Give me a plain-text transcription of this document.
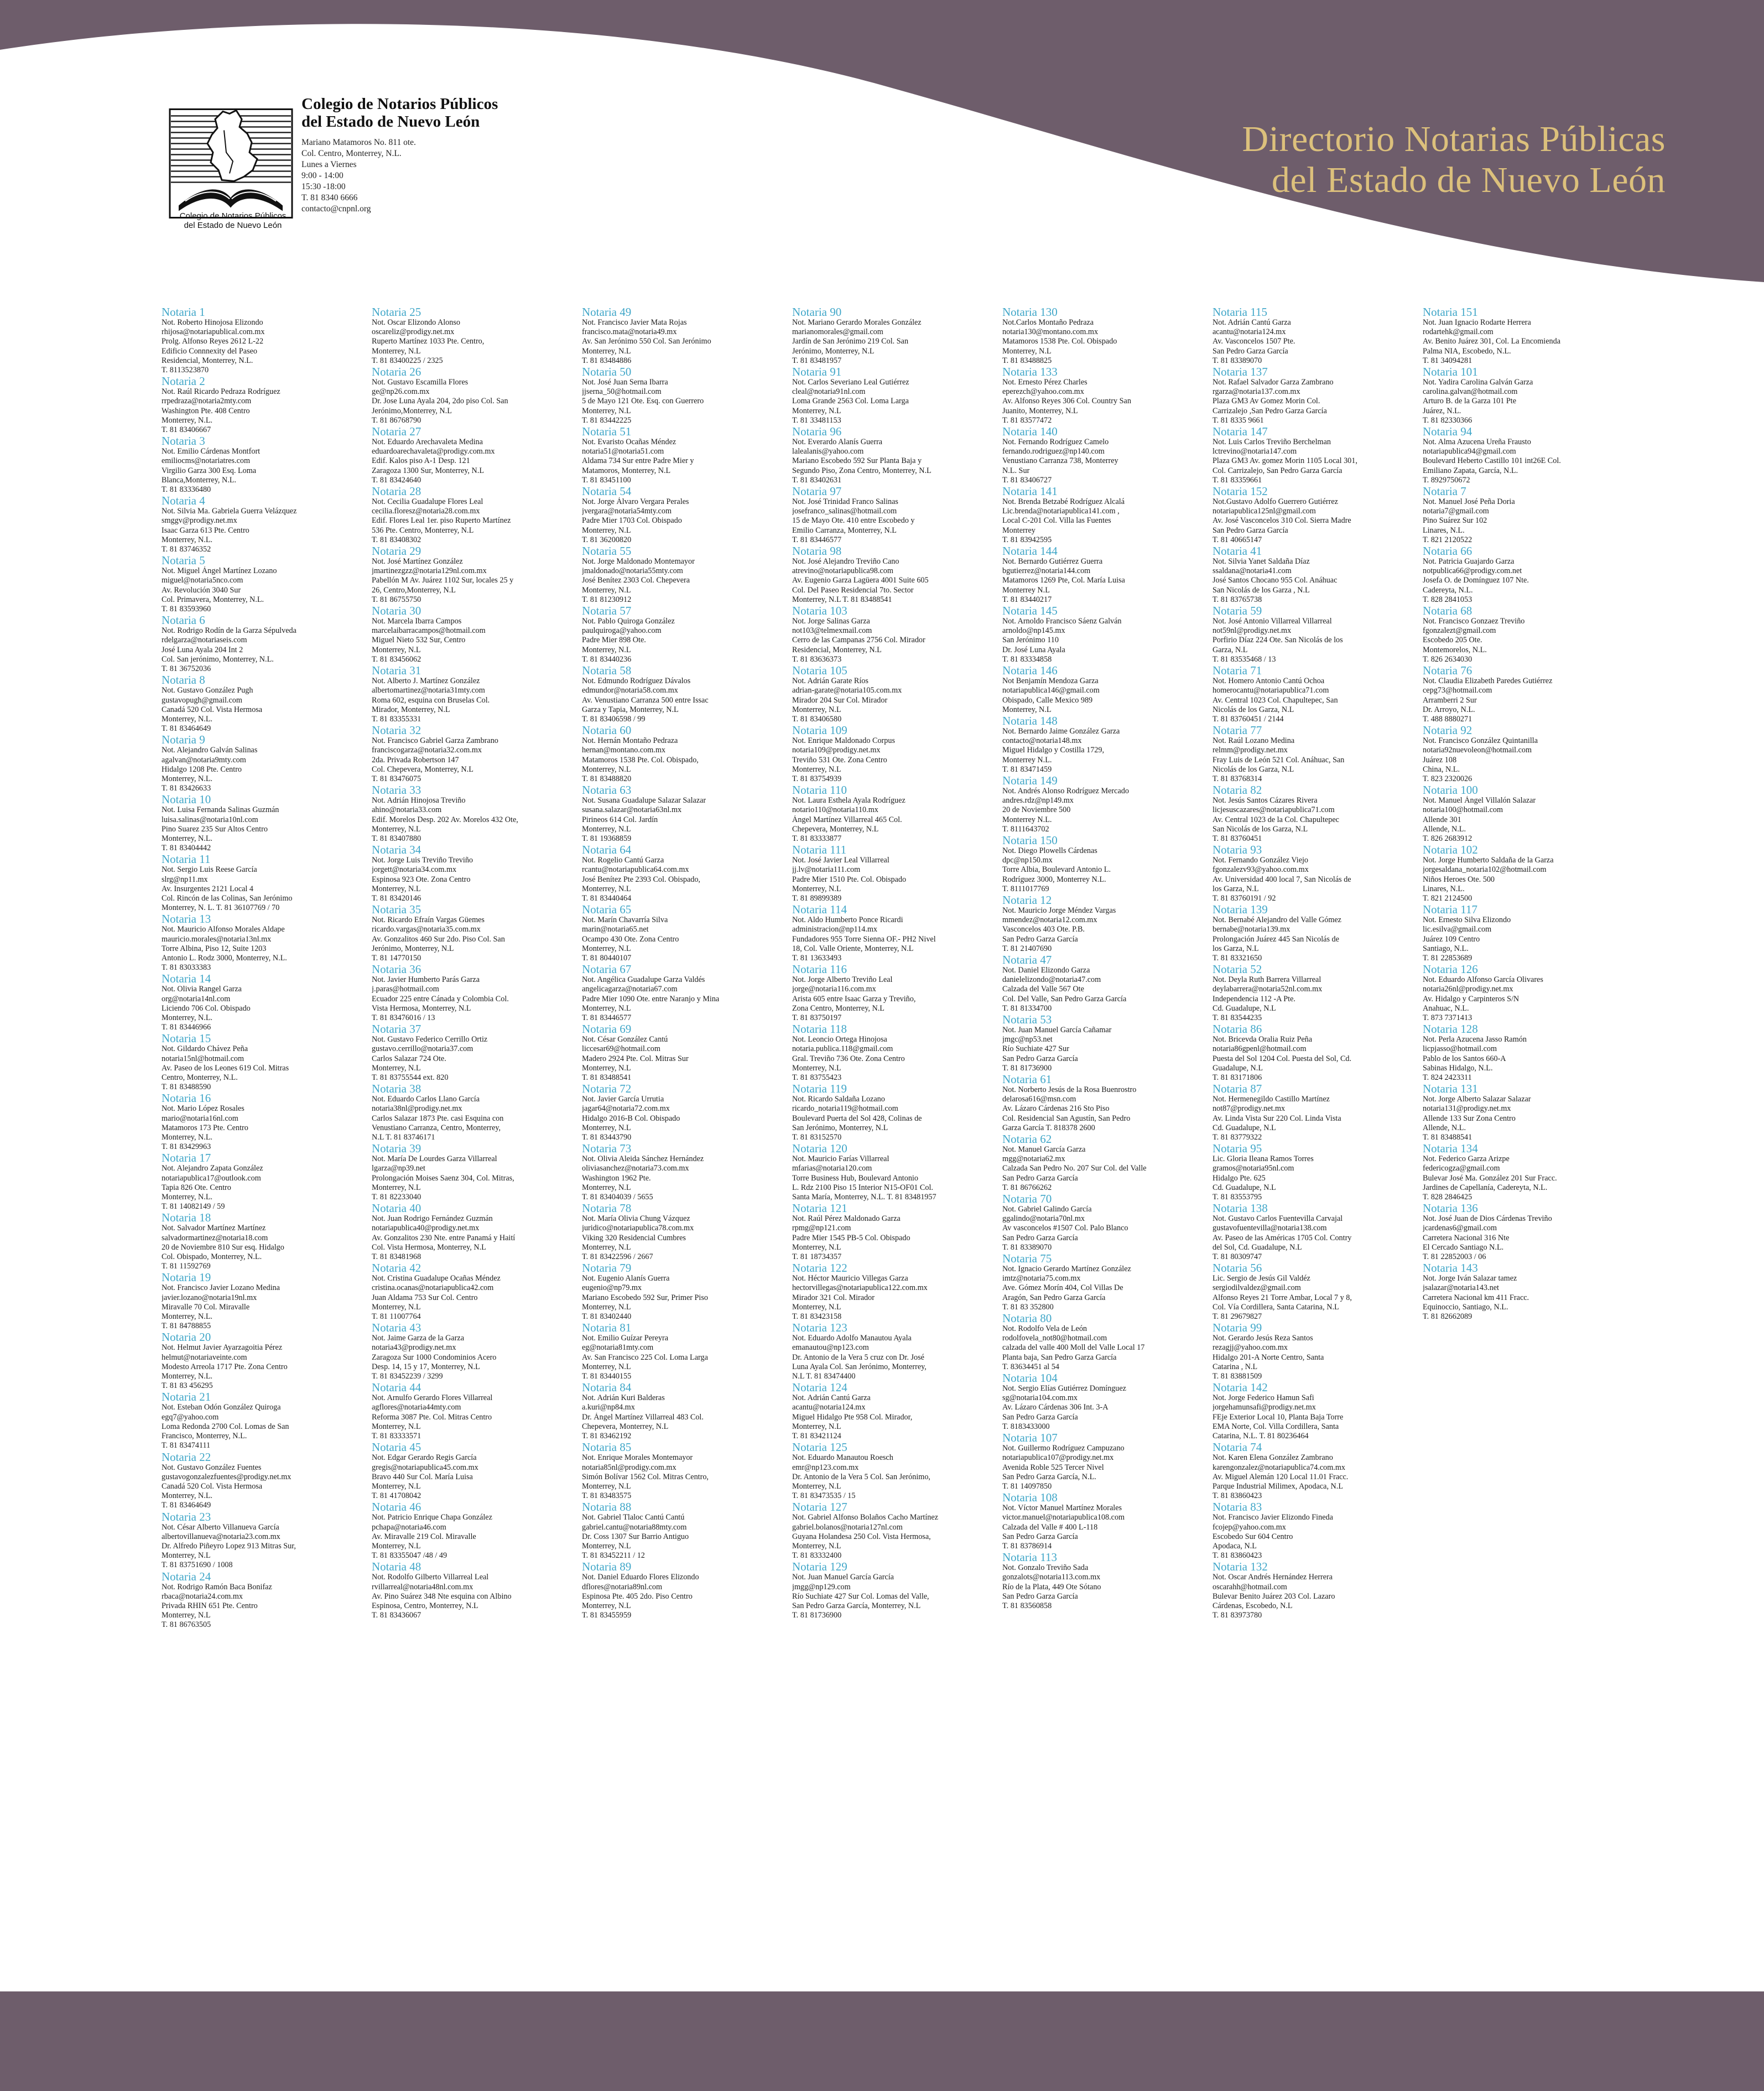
Colegio de Notarios Públicos
del Estado de Nuevo León
Colegio de Notarios Públicos
del Estado de Nuevo León
Mariano Matamoros No. 811 ote.
Col. Centro, Monterrey, N.L.
Lunes a Viernes
9:00 - 14:00
15:30 -18:00
T. 81 8340 6666
contacto@cnpnl.org
Directorio Notarias Públicas
del Estado de Nuevo León
Notaria 1
Not. Roberto Hinojosa Elizondo
rhijosa@notariapublical.com.mx
Prolg. Alfonso Reyes 2612 L-22
Edificio Connnexity del Paseo
Residencial, Monterrey, N.L.
T. 8113523870
Notaria 2
Not. Raúl Ricardo Pedraza Rodríguez
rrpedraza@notaria2mty.com
Washington Pte. 408 Centro
Monterrey, N.L.
T. 81 83406667
Notaria 3
Not. Emilio Cárdenas Montfort
emiliocms@notariatres.com
Virgilio Garza 300 Esq. Loma
Blanca,Monterrey, N.L.
T. 81 83336480
Notaria 4
Not. Silvia Ma. Gabriela Guerra Velázquez
smggv@prodigy.net.mx
Isaac Garza 613 Pte. Centro
Monterrey, N.L.
T. 81 83746352
Notaria 5
Not. Miguel Ángel Martínez Lozano
miguel@notaria5nco.com
Av. Revolución 3040 Sur
Col. Primavera, Monterrey, N.L.
T. 81 83593960
Notaria 6
Not. Rodrigo Rodín de la Garza Sépulveda
rdelgarza@notariaseis.com
José Luna Ayala 204 Int 2
Col. San jerónimo, Monterrey, N.L.
T. 81 36752036
Notaria 8
Not. Gustavo González Pugh
gustavopugh@gmail.com
Canadá 520 Col. Vista Hermosa
Monterrey, N.L.
T. 81 83464649
Notaria 9
Not. Alejandro Galván Salinas
agalvan@notaria9mty.com
Hidalgo 1208 Pte. Centro
Monterrey, N.L.
T. 81 83426633
Notaria 10
Not. Luisa Fernanda Salinas Guzmán
luisa.salinas@notaria10nl.com
Pino Suarez 235 Sur Altos Centro
Monterrey, N.L.
T. 81 83404442
Notaria 11
Not. Sergio Luis Reese García
slrg@np11.mx
Av. Insurgentes 2121 Local 4
Col. Rincón de las Colinas, San Jerónimo
Monterrey, N. L. T. 81 36107769 / 70
Notaria 13
Not. Mauricio Alfonso Morales Aldape
mauricio.morales@notaria13nl.mx
Torre Albina, Piso 12, Suite 1203
Antonio L. Rodz 3000, Monterrey, N.L.
T. 81 83033383
Notaria 14
Not. Olivia Rangel Garza
org@notaria14nl.com
Liciendo 706 Col. Obispado
Monterrey, N.L.
T. 81 83446966
Notaria 15
Not. Gildardo Chávez Peña
notaria15nl@hotmail.com
Av. Paseo de los Leones 619 Col. Mitras
Centro, Monterrey, N.L.
T. 81 83488590
Notaria 16
Not. Mario López Rosales
mario@notaria16nl.com
Matamoros 173 Pte. Centro
Monterrey, N.L.
T. 81 83429963
Notaria 17
Not. Alejandro Zapata González
notariapublica17@outlook.com
Tapia 826 Ote. Centro
Monterrey, N.L.
T. 81 14082149 / 59
Notaria 18
Not. Salvador Martínez Martínez
salvadormartinez@notaria18.com
20 de Noviembre 810 Sur esq. Hidalgo
Col. Obispado, Monterrey, N.L.
T. 81 11592769
Notaria 19
Not. Francisco Javier Lozano Medina
javier.lozano@notaria19nl.mx
Miravalle 70 Col. Miravalle
Monterrey, N.L.
T. 81 84788855
Notaria 20
Not. Helmut Javier Ayarzagoitia Pérez
helmut@notariaveinte.com
Modesto Arreola 1717 Pte. Zona Centro
Monterrey, N.L.
T. 81 83 456295
Notaria 21
Not. Esteban Odón González Quiroga
egq7@yahoo.com
Loma Redonda 2700 Col. Lomas de San
Francisco, Monterrey, N.L.
T. 81 83474111
Notaria 22
Not. Gustavo González Fuentes
gustavogonzalezfuentes@prodigy.net.mx
Canadá 520 Col. Vista Hermosa
Monterrey, N.L.
T. 81 83464649
Notaria 23
Not. César Alberto Villanueva García
albertovillanueva@notaria23.com.mx
Dr. Alfredo Piñeyro Lopez 913 Mitras Sur,
Monterrey, N.L
T. 81 83751690 / 1008
Notaria 24
Not. Rodrigo Ramón Baca Bonifaz
rbaca@notaria24.com.mx
Privada RHIN 651 Pte. Centro
Monterrey, N.L
T. 81 86763505
Notaria 25
Not. Oscar Elizondo Alonso
oscareliz@prodigy.net.mx
Ruperto Martínez 1033 Pte. Centro,
Monterrey, N.L
T. 81 83400225 / 2325
Notaria 26
Not. Gustavo Escamilla Flores
ge@np26.com.mx
Dr. Jose Luna Ayala 204, 2do piso Col. San
Jerónimo,Monterrey, N.L
T. 81 86768790
Notaria 27
Not. Eduardo Arechavaleta Medina
eduardoarechavaleta@prodigy.com.mx
Edif. Kalos piso A-1 Desp. 121
Zaragoza 1300 Sur, Monterrey, N.L
T. 81 83424640
Notaria 28
Not. Cecilia Guadalupe Flores Leal
cecilia.floresz@notaria28.com.mx
Edif. Flores Leal 1er. piso Ruperto Martínez
536 Pte. Centro, Monterrey, N.L
T. 81 83408302
Notaria 29
Not. José Martínez González
jmartinezgzz@notaria129nl.com.mx
Pabellón M Av. Juárez 1102 Sur, locales 25 y
26, Centro,Monterrey, N.L
T. 81 86755750
Notaria 30
Not. Marcela Ibarra Campos
marcelaibarracampos@hotmail.com
Miguel Nieto 532 Sur, Centro
Monterrey, N.L
T. 81 83456062
Notaria 31
Not. Alberto J. Martínez González
albertomartinez@notaria31mty.com
Roma 602, esquina con Bruselas Col.
Mirador, Monterrey, N.L
T. 81 83355331
Notaria 32
Not. Francisco Gabriel Garza Zambrano
franciscogarza@notaria32.com.mx
2da. Privada Robertson 147
Col. Chepevera, Monterrey, N.L
T. 81 83476075
Notaria 33
Not. Adrián Hinojosa Treviño
ahino@notaria33.com
Edif. Morelos Desp. 202 Av. Morelos 432 Ote,
Monterrey, N.L
T. 81 83407880
Notaria 34
Not. Jorge Luis Treviño Treviño
jorgett@notaria34.com.mx
Espinosa 923 Ote. Zona Centro
Monterrey, N.L
T. 81 83420146
Notaria 35
Not. Ricardo Efraín Vargas Güemes
ricardo.vargas@notaria35.com.mx
Av. Gonzalitos 460 Sur 2do. Piso Col. San
Jerónimo, Monterrey, N.L
T. 81 14770150
Notaria 36
Not. Javier Humberto Parás Garza
j.paras@hotmail.com
Ecuador 225 entre Cánada y Colombia Col.
Vista Hermosa, Monterrey, N.L
T. 81 83476016 / 13
Notaria 37
Not. Gustavo Federico Cerrillo Ortiz
gustavo.cerrillo@notaria37.com
Carlos Salazar 724 Ote.
Monterrey, N.L
T. 81 83755544 ext. 820
Notaria 38
Not. Eduardo Carlos Llano García
notaria38nl@prodigy.net.mx
Carlos Salazar 1873 Pte. casi Esquina con
Venustiano Carranza, Centro, Monterrey,
N.L T. 81 83746171
Notaria 39
Not. María De Lourdes Garza Villarreal
lgarza@np39.net
Prolongación Moises Saenz 304, Col. Mitras,
Monterrey, N.L
T. 81 82233040
Notaria 40
Not. Juan Rodrigo Fernández Guzmán
notariapublica40@prodigy.net.mx
Av. Gonzalitos 230 Nte. entre Panamá y Haití
Col. Vista Hermosa, Monterrey, N.L
T. 81 83481968
Notaria 42
Not. Cristina Guadalupe Ocañas Méndez
cristina.ocanas@notariapublica42.com
Juan Aldama 753 Sur Col. Centro
Monterrey, N.L
T. 81 11007764
Notaria 43
Not. Jaime Garza de la Garza
notaria43@prodigy.net.mx
Zaragoza Sur 1000 Condominios Acero
Desp. 14, 15 y 17, Monterrey, N.L
T. 81 83452239 / 3299
Notaria 44
Not. Arnulfo Gerardo Flores Villarreal
agflores@notaria44mty.com
Reforma 3087 Pte. Col. Mitras Centro
Monterrey, N.L
T. 81 83333571
Notaria 45
Not. Edgar Gerardo Regis García
gregis@notariapublica45.com.mx
Bravo 440 Sur Col. María Luisa
Monterrey, N.L
T. 81 41708042
Notaria 46
Not. Patricio Enrique Chapa González
pchapa@notaria46.com
Av. Miravalle 219 Col. Miravalle
Monterrey, N.L
T. 81 83355047 /48 / 49
Notaria 48
Not. Rodolfo Gilberto Villarreal Leal
rvillarreal@notaria48nl.com.mx
Av. Pino Suárez 348 Nte esquina con Albino
Espinosa, Centro, Monterrey, N.L
T. 81 83436067
Notaria 49
Not. Francisco Javier Mata Rojas
francisco.mata@notaria49.mx
Av. San Jerónimo 550 Col. San Jerónimo
Monterrey, N.L
T. 81 83484886
Notaria 50
Not. José Juan Serna Ibarra
jjserna_50@hotmail.com
5 de Mayo 121 Ote. Esq. con Guerrero
Monterrey, N.L
T. 81 83442225
Notaria 51
Not. Evaristo Ocañas Méndez
notaria51@notaria51.com
Aldama 734 Sur entre Padre Mier y
Matamoros, Monterrey, N.L
T. 81 83451100
Notaria 54
Not. Jorge Álvaro Vergara Perales
jvergara@notaria54mty.com
Padre Mier 1703 Col. Obispado
Monterrey, N.L
T. 81 36200820
Notaria 55
Not. Jorge Maldonado Montemayor
jmaldonado@notaria55mty.com
José Benítez 2303 Col. Chepevera
Monterrey, N.L
T. 81 81230912
Notaria 57
Not. Pablo Quiroga González
paulquiroga@yahoo.com
Padre Mier 898 Ote.
Monterrey, N.L
T. 81 83440236
Notaria 58
Not. Edmundo Rodríguez Dávalos
edmundor@notaria58.com.mx
Av. Venustiano Carranza 500 entre Issac
Garza y Tapia, Monterrey, N.L
T. 81 83406598 / 99
Notaria 60
Not. Hernán Montaño Pedraza
hernan@montano.com.mx
Matamoros 1538 Pte. Col. Obispado,
Monterrey, N.L
T. 81 83488820
Notaria 63
Not. Susana Guadalupe Salazar Salazar
susana.salazar@notaria63nl.mx
Pirineos 614 Col. Jardín
Monterrey, N.L
T. 81 19368859
Notaria 64
Not. Rogelio Cantú Garza
rcantu@notariapublica64.com.mx
José Benítez Pte 2393 Col. Obispado,
Monterrey, N.L
T. 81 83440464
Notaria 65
Not. Marín Chavarría Silva
marin@notaria65.net
Ocampo 430 Ote. Zona Centro
Monterrey, N.L
T. 81 80440107
Notaria 67
Not. Angélica Guadalupe Garza Valdés
angelicagarza@notaria67.com
Padre Mier 1090 Ote. entre Naranjo y Mina
Monterrey, N.L
T. 81 83446577
Notaria 69
Not. César González Cantú
liccesar69@hotmail.com
Madero 2924 Pte. Col. Mitras Sur
Monterrey, N.L
T. 81 83488541
Notaria 72
Not. Javier García Urrutia
jagar64@notaria72.com.mx
Hidalgo 2016-B Col. Obispado
Monterrey, N.L
T. 81 83443790
Notaria 73
Not. Olivia Aleida Sánchez Hernández
oliviasanchez@notaria73.com.mx
Washington 1962 Pte.
Monterrey, N.L
T. 81 83404039 / 5655
Notaria 78
Not. María Olivia Chung Vázquez
juridico@notariapublica78.com.mx
Viking 320 Residencial Cumbres
Monterrey, N.L
T. 81 83422596 / 2667
Notaria 79
Not. Eugenio Alanís Guerra
eugenio@np79.mx
Mariano Escobedo 592 Sur, Primer Piso
Monterrey, N.L
T. 81 83402440
Notaria 81
Not. Emilio Guízar Pereyra
eg@notaria81mty.com
Av. San Francisco 225 Col. Loma Larga
Monterrey, N.L
T. 81 83440155
Notaria 84
Not. Adrián Kuri Balderas
a.kuri@np84.mx
Dr. Ángel Martínez Villarreal 483 Col.
Chepevera, Monterrey, N.L
T. 81 83462192
Notaria 85
Not. Enrique Morales Montemayor
notaria85nl@prodigy.com.mx
Simón Bolívar 1562 Col. Mitras Centro,
Monterrey, N.L
T. 81 83483575
Notaria 88
Not. Gabriel Tlaloc Cantú Cantú
gabriel.cantu@notaria88mty.com
Dr. Coss 1307 Sur Barrio Antiguo
Monterrey, N.L
T. 81 83452211 / 12
Notaria 89
Not. Daniel Eduardo Flores Elizondo
dflores@notaria89nl.com
Espinosa Pte. 405 2do. Piso Centro
Monterrey, N.L
T. 81 83455959
Notaria 90
Not. Mariano Gerardo Morales González
marianomorales@gmail.com
Jardín de San Jerónimo 219 Col. San
Jerónimo, Monterrey, N.L
T. 81 83481957
Notaria 91
Not. Carlos Severiano Leal Gutiérrez
cleal@notaria91nl.com
Loma Grande 2563 Col. Loma Larga
Monterrey, N.L
T. 81 33481153
Notaria 96
Not. Everardo Alanís Guerra
lalealanis@yahoo.com
Mariano Escobedo 592 Sur Planta Baja y
Segundo Piso, Zona Centro, Monterrey, N.L
T. 81 83402631
Notaria 97
Not. José Trinidad Franco Salinas
josefranco_salinas@hotmail.com
15 de Mayo Ote. 410 entre Escobedo y
Emilio Carranza, Monterrey, N.L
T. 81 83446577
Notaria 98
Not. José Alejandro Treviño Cano
atrevino@notariapublica98.com
Av. Eugenio Garza Lagüera 4001 Suite 605
Col. Del Paseo Residencial 7to. Sector
Monterrey, N.L T. 81 83488541
Notaria 103
Not. Jorge Salinas Garza
not103@telmexmail.com
Cerro de las Campanas 2756 Col. Mirador
Residencial, Monterrey, N.L
T. 81 83636373
Notaria 105
Not. Adrián Garate Ríos
adrian-garate@notaria105.com.mx
Mirador 204 Sur Col. Mirador
Monterrey, N.L
T. 81 83406580
Notaria 109
Not. Enrique Maldonado Corpus
notaria109@prodigy.net.mx
Treviño 531 Ote. Zona Centro
Monterrey, N.L
T. 81 83754939
Notaria 110
Not. Laura Esthela Ayala Rodríguez
notario110@notaria110.mx
Ángel Martínez Villarreal 465 Col.
Chepevera, Monterrey, N.L
T. 81 83333877
Notaria 111
Not. José Javier Leal Villarreal
jj.lv@notaria111.com
Padre Mier 1510 Pte. Col. Obispado
Monterrey, N.L
T. 81 89899389
Notaria 114
Not. Aldo Humberto Ponce Ricardi
administracion@np114.mx
Fundadores 955 Torre Sienna OF.- PH2 Nivel
18, Col. Valle Oriente, Monterrey, N.L
T. 81 13633493
Notaria 116
Not. Jorge Alberto Treviño Leal
jorge@notaria116.com.mx
Arista 605 entre Isaac Garza y Treviño,
Zona Centro, Monterrey, N.L
T. 81 83750197
Notaria 118
Not. Leoncio Ortega Hinojosa
notaria.publica.118@gmail.com
Gral. Treviño 736 Ote. Zona Centro
Monterrey, N.L
T. 81 83755423
Notaria 119
Not. Ricardo Saldaña Lozano
ricardo_notaria119@hotmail.com
Boulevard Puerta del Sol 428, Colinas de
San Jerónimo, Monterrey, N.L
T. 81 83152570
Notaria 120
Not. Mauricio Farías Villarreal
mfarias@notaria120.com
Torre Business Hub, Boulevard Antonio
L. Rdz 2100 Piso 15 Interior N15-OF01 Col.
Santa María, Monterrey, N.L. T. 81 83481957
Notaria 121
Not. Raúl Pérez Maldonado Garza
rpmg@np121.com
Padre Mier 1545 PB-5 Col. Obispado
Monterrey, N.L
T. 81 18734357
Notaria 122
Not. Héctor Mauricio Villegas Garza
hectorvillegas@notariapublica122.com.mx
Mirador 321 Col. Mirador
Monterrey, N.L
T. 81 83423158
Notaria 123
Not. Eduardo Adolfo Manautou Ayala
emanautou@np123.com
Dr. Antonio de la Vera 5 cruz con Dr. José
Luna Ayala Col. San Jerónimo, Monterrey,
N.L T. 81 83474400
Notaria 124
Not. Adrián Cantú Garza
acantu@notaria124.mx
Miguel Hidalgo Pte 958 Col. Mirador,
Monterrey, N.L
T. 81 83421124
Notaria 125
Not. Eduardo Manautou Roesch
emr@np123.com.mx
Dr. Antonio de la Vera 5 Col. San Jerónimo,
Monterrey, N.L
T. 81 83473535 / 15
Notaria 127
Not. Gabriel Alfonso Bolaños Cacho Martínez
gabriel.bolanos@notaria127nl.com
Guyana Holandesa 250 Col. Vista Hermosa,
Monterrey, N.L
T. 81 83332400
Notaria 129
Not. Juan Manuel García García
jmgg@np129.com
Río Suchiate 427 Sur Col. Lomas del Valle,
San Pedro Garza García, Monterrey, N.L
T. 81 81736900
Notaria 130
Not.Carlos Montaño Pedraza
notaria130@montano.com.mx
Matamoros 1538 Pte. Col. Obispado
Monterrey, N.L
T. 81 83488825
Notaria 133
Not. Ernesto Pérez Charles
eperezch@yahoo.com.mx
Av. Alfonso Reyes 306 Col. Country San
Juanito, Monterrey, N.L
T. 81 83577472
Notaria 140
Not. Fernando Rodríguez Camelo
fernando.rodriguez@np140.com
Venustiano Carranza 738, Monterrey
N.L. Sur
T. 81 83406727
Notaria 141
Not. Brenda Betzabé Rodríguez Alcalá
Lic.brenda@notariapublica141.com ,
Local C-201 Col. Villa las Fuentes
Monterrey
T. 81 83942595
Notaria 144
Not. Bernardo Gutiérrez Guerra
bgutierrez@notaria144.com
Matamoros 1269 Pte, Col. María Luisa
Monterrey N.L
T. 81 83440217
Notaria 145
Not. Arnoldo Francisco Sáenz Galván
arnoldo@np145.mx
San Jerónimo 110
Dr. José Luna Ayala
T. 81 83334858
Notaria 146
Not Benjamín Mendoza Garza
notariapublica146@gmail.com
Obispado, Calle Mexico 989
Monterrey, N.L
Notaria 148
Not. Bernardo Jaime González Garza
contacto@notaria148.mx
Miguel Hidalgo y Costilla 1729,
Monterrey N.L.
T. 81 83471459
Notaria 149
Not. Andrés Alonso Rodríguez Mercado
andres.rdz@np149.mx
20 de Noviembre 500
Monterrey N.L.
T. 8111643702
Notaria 150
Not. Diego Plowells Cárdenas
dpc@np150.mx
Torre Albia, Boulevard Antonio L.
Rodríguez 3000, Monterrey N.L.
T. 8111017769
Notaria 12
Not. Mauricio Jorge Méndez Vargas
mmendez@notaria12.com.mx
Vasconcelos 403 Ote. P.B.
San Pedro Garza García
T. 81 21407690
Notaria 47
Not. Daniel Elizondo Garza
danielelizondo@notaria47.com
Calzada del Valle 567 Ote
Col. Del Valle, San Pedro Garza García
T. 81 81334700
Notaria 53
Not. Juan Manuel García Cañamar
jmgc@np53.net
Río Suchiate 427 Sur
San Pedro Garza García
T. 81 81736900
Notaria 61
Not. Norberto Jesús de la Rosa Buenrostro
delarosa616@msn.com
Av. Lázaro Cárdenas 216 Sto Piso
Col. Residencial San Agustín, San Pedro
Garza García T. 818378 2600
Notaria 62
Not. Manuel García Garza
mgg@notaria62.mx
Calzada San Pedro No. 207 Sur Col. del Valle
San Pedro Garza García
T. 81 86766262
Notaria 70
Not. Gabriel Galindo García
ggalindo@notaria70nl.mx
Av vasconcelos #1507 Col. Palo Blanco
San Pedro Garza García
T. 81 83389070
Notaria 75
Not. Ignacio Gerardo Martínez González
imtz@notaria75.com.mx
Ave. Gómez Morín 404, Col Villas De
Aragón, San Pedro Garza García
T. 81 83 352800
Notaria 80
Not. Rodolfo Vela de León
rodolfovela_not80@hotmail.com
calzada del valle 400 Moll del Valle Local 17
Planta baja, San Pedro Garza García
T. 83634451 al 54
Notaria 104
Not. Sergio Elías Gutiérrez Domínguez
sg@notaria104.com.mx
Av. Lázaro Cárdenas 306 Int. 3-A
San Pedro Garza García
T. 8183433000
Notaria 107
Not. Guillermo Rodríguez Campuzano
notariapublica107@prodigy.net.mx
Avenida Roble 525 Tercer Nivel
San Pedro Garza García, N.L.
T. 81 14097850
Notaria 108
Not. Víctor Manuel Martínez Morales
victor.manuel@notariapublica108.com
Calzada del Valle # 400 L-118
San Pedro Garza García
T. 81 83786914
Notaria 113
Not. Gonzalo Treviño Sada
gonzalots@notaria113.com.mx
Río de la Plata, 449 Ote Sótano
San Pedro Garza García
T. 81 83560858
Notaria 115
Not. Adrián Cantú Garza
acantu@notaria124.mx
Av. Vasconcelos 1507 Pte.
San Pedro Garza García
T. 81 83389070
Notaria 137
Not. Rafael Salvador Garza Zambrano
rgarza@notaria137.com.mx
Plaza GM3 Av Gomez Morin Col.
Carrizalejo ,San Pedro Garza García
T. 81 8335 9661
Notaria 147
Not. Luis Carlos Treviño Berchelman
lctrevino@notaria147.com
Plaza GM3 Av. gomez Morin 1105 Local 301,
Col. Carrizalejo, San Pedro Garza García
T. 81 83359661
Notaria 152
Not.Gustavo Adolfo Guerrero Gutiérrez
notariapublica125nl@gmail.com
Av. José Vasconcelos 310 Col. Sierra Madre
San Pedro Garza García
T. 81 40665147
Notaria 41
Not. Silvia Yanet Saldaña Díaz
ssaldana@notaria41.com
José Santos Chocano 955 Col. Anáhuac
San Nicolás de los Garza , N.L
T. 81 83765738
Notaria 59
Not. José Antonio Villarreal Villarreal
not59nl@prodigy.net.mx
Porfirio Díaz 224 Ote. San Nicolás de los
Garza, N.L
T. 81 83535468 / 13
Notaria 71
Not. Homero Antonio Cantú Ochoa
homerocantu@notariapublica71.com
Av. Central 1023 Col. Chapultepec, San
Nicolás de los Garza, N.L
T. 81 83760451 / 2144
Notaria 77
Not. Raúl Lozano Medina
relmm@prodigy.net.mx
Fray Luis de León 521 Col. Anáhuac, San
Nicolás de los Garza, N.L
T. 81 83768314
Notaria 82
Not. Jesús Santos Cázares Rivera
licjesuscazares@notariapublica71.com
Av. Central 1023 de la Col. Chapultepec
San Nicolás de los Garza, N.L
T. 81 83760451
Notaria 93
Not. Fernando González Viejo
fgonzalezv93@yahoo.com.mx
Av. Universidad 400 local 7, San Nicolás de
los Garza, N.L
T. 81 83760191 / 92
Notaria 139
Not. Bernabé Alejandro del Valle Gómez
bernabe@notaria139.mx
Prolongación Juárez 445 San Nicolás de
los Garza, N.L
T. 81 83321650
Notaria 52
Not. Deyla Ruth Barrera Villarreal
deylabarrera@notaria52nl.com.mx
Independencia 112 -A Pte.
Cd. Guadalupe, N.L
T. 81 83544235
Notaria 86
Not. Bricevda Oralia Ruiz Peña
notaria86gpenl@hotmail.com
Puesta del Sol 1204 Col. Puesta del Sol, Cd.
Guadalupe, N.L
T. 81 83171806
Notaria 87
Not. Hermenegildo Castillo Martínez
not87@prodigy.net.mx
Av. Linda Vista Sur 220 Col. Linda Vista
Cd. Guadalupe, N.L
T. 81 83779322
Notaria 95
Lic. Gloria Ileana Ramos Torres
gramos@notaria95nl.com
Hidalgo Pte. 625
Cd. Guadalupe, N.L
T. 81 83553795
Notaria 138
Not. Gustavo Carlos Fuentevilla Carvajal
gustavofuentevilla@notaria138.com
Av. Paseo de las Américas 1705 Col. Contry
del Sol, Cd. Guadalupe, N.L
T. 81 80309747
Notaria 56
Lic. Sergio de Jesús Gil Valdéz
sergiodilvaldez@gmail.com
Alfonso Reyes 21 Torre Ambar, Local 7 y 8,
Col. Vía Cordillera, Santa Catarina, N.L
T. 81 29679827
Notaria 99
Not. Gerardo Jesús Reza Santos
rezagjj@yahoo.com.mx
Hidalgo 201-A Norte Centro, Santa
Catarina , N.L
T. 81 83881509
Notaria 142
Not. Jorge Federico Hamun Safi
jorgehamunsafi@prodigy.net.mx
FEje Exterior Local 10, Planta Baja Torre
EMA Norte, Col. Villa Cordillera, Santa
Catarina, N.L. T. 81 80236464
Notaria 74
Not. Karen Elena González Zambrano
karengonzalez@notariapublica74.com.mx
Av. Miguel Alemán 120 Local 11.01 Fracc.
Parque Industrial Milimex, Apodaca, N.L
T. 81 83860423
Notaria 83
Not. Francisco Javier Elizondo Fineda
fcojep@yahoo.com.mx
Escobedo Sur 604 Centro
Apodaca, N.L
T. 81 83860423
Notaria 132
Not. Oscar Andrés Hernández Herrera
oscarahh@hotmail.com
Bulevar Benito Juárez 203 Col. Lazaro
Cárdenas, Escobedo, N.L
T. 81 83973780
Notaria 151
Not. Juan Ignacio Rodarte Herrera
rodartehk@gmail.com
Av. Benito Juárez 301, Col. La Encomienda
Palma NIA, Escobedo, N.L.
T. 81 34094281
Notaria 101
Not. Yadira Carolina Galván Garza
carolina.galvan@hotmail.com
Arturo B. de la Garza 101 Pte
Juárez, N.L.
T. 81 82330366
Notaria 94
Not. Alma Azucena Ureña Frausto
notariapublica94@gmail.com
Boulevard Heberto Castillo 101 int26E Col.
Emiliano Zapata, García, N.L.
T. 8929750672
Notaria 7
Not. Manuel José Peña Doria
notaria7@gmail.com
Pino Suárez Sur 102
Linares, N.L.
T. 821 2120522
Notaria 66
Not. Patricia Guajardo Garza
notpublica66@prodigy.com.net
Josefa O. de Domínguez 107 Nte.
Cadereyta, N.L.
T. 828 2841053
Notaria 68
Not. Francisco Gonzaez Treviño
fgonzalezt@gmail.com
Escobedo 205 Ote.
Montemorelos, N.L.
T. 826 2634030
Notaria 76
Not. Claudia Elizabeth Paredes Gutiérrez
cepg73@hotmail.com
Arramberri 2 Sur
Dr. Arroyo, N.L.
T. 488 8880271
Notaria 92
Not. Francisco González Quintanilla
notaria92nuevoleon@hotmail.com
Juárez 108
China, N.L.
T. 823 2320026
Notaria 100
Not. Manuel Ángel Villalón Salazar
notaria100@hotmail.com
Allende 301
Allende, N.L.
T. 826 2683912
Notaria 102
Not. Jorge Humberto Saldaña de la Garza
jorgesaldana_notaria102@hotmail.com
Niños Heroes Ote. 500
Linares, N.L.
T. 821 2124500
Notaria 117
Not. Ernesto Silva Elizondo
lic.esilva@gmail.com
Juárez 109 Centro
Santiago, N.L.
T. 81 22853689
Notaria 126
Not. Eduardo Alfonso García Olivares
notaria26nl@prodigy.net.mx
Av. Hidalgo y Carpinteros S/N
Anahuac, N.L.
T. 873 7371413
Notaria 128
Not. Perla Azucena Jasso Ramón
licpjasso@hotmail.com
Pablo de los Santos 660-A
Sabinas Hidalgo, N.L.
T. 824 2423311
Notaria 131
Not. Jorge Alberto Salazar Salazar
notaria131@prodigy.net.mx
Allende 133 Sur Zona Centro
Allende, N.L.
T. 81 83488541
Notaria 134
Not. Federico Garza Arizpe
federicogza@gmail.com
Bulevar José Ma. González 201 Sur Fracc.
Jardines de Capellanía, Cadereyta, N.L.
T. 828 2846425
Notaria 136
Not. José Juan de Dios Cárdenas Treviño
jcardenas6@gmail.com
Carretera Nacional 316 Nte
El Cercado Santiago N.L.
T. 81 22852003 / 06
Notaria 143
Not. Jorge Iván Salazar tamez
jsalazar@notaria143.net
Carretera Nacional km 411 Fracc.
Equinoccio, Santiago, N.L.
T. 81 82662089
